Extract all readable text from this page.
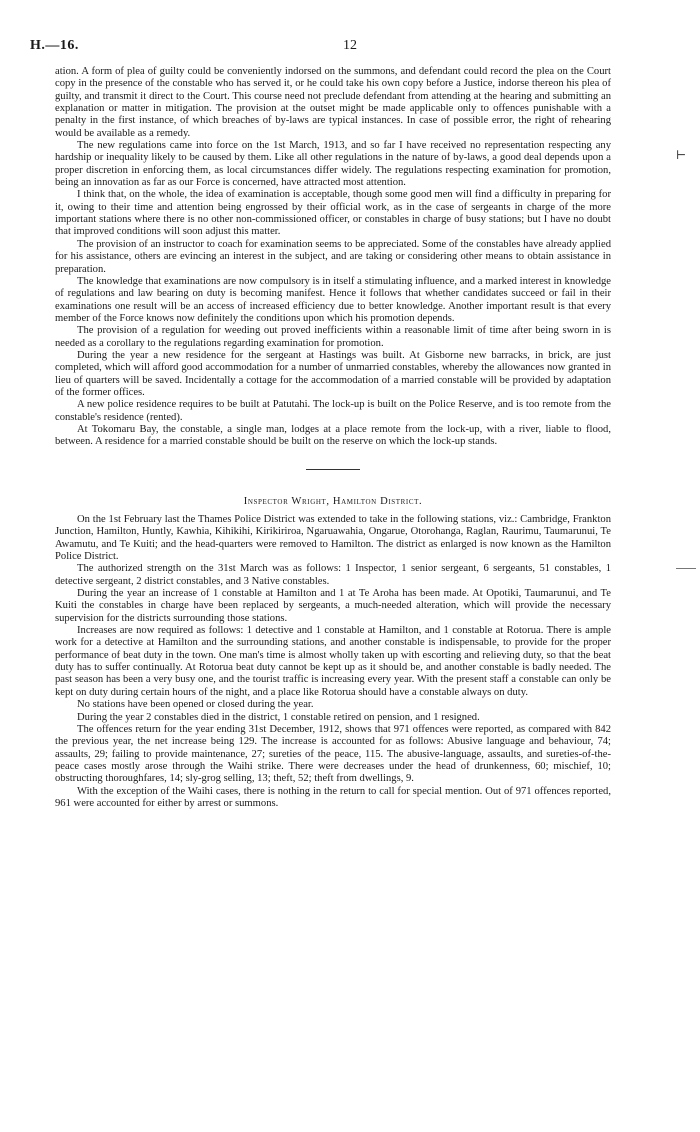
H.—16.	12
⊢

ation. A form of plea of guilty could be conveniently indorsed on the summons, and defendant could record the plea on the Court copy in the presence of the constable who has served it, or he could take his own copy before a Justice, indorse thereon his plea of guilty, and transmit it direct to the Court. This course need not preclude defendant from attending at the hearing and submitting an explanation or matter in mitigation. The provision at the outset might be made applicable only to offences punishable with a penalty in the first instance, of which breaches of by-laws are typical instances. In case of possible error, the right of rehearing would be available as a remedy.

The new regulations came into force on the 1st March, 1913, and so far I have received no representation respecting any hardship or inequality likely to be caused by them. Like all other regulations in the nature of by-laws, a good deal depends upon a proper discretion in enforcing them, as local circumstances differ widely. The regulations respecting examination for promotion, being an innovation as far as our Force is concerned, have attracted most attention.

I think that, on the whole, the idea of examination is acceptable, though some good men will find a difficulty in preparing for it, owing to their time and attention being engrossed by their official work, as in the case of sergeants in charge of the more important stations where there is no other non-commissioned officer, or constables in charge of busy stations; but I have no doubt that improved conditions will soon adjust this matter.

The provision of an instructor to coach for examination seems to be appreciated. Some of the constables have already applied for his assistance, others are evincing an interest in the subject, and are taking or considering other means to obtain assistance in preparation.

The knowledge that examinations are now compulsory is in itself a stimulating influence, and a marked interest in knowledge of regulations and law bearing on duty is becoming manifest. Hence it follows that whether candidates succeed or fail in their examinations one result will be an access of increased efficiency due to better knowledge. Another important result is that every member of the Force knows now definitely the conditions upon which his promotion depends.

The provision of a regulation for weeding out proved inefficients within a reasonable limit of time after being sworn in is needed as a corollary to the regulations regarding examination for promotion.

During the year a new residence for the sergeant at Hastings was built. At Gisborne new barracks, in brick, are just completed, which will afford good accommodation for a number of unmarried constables, whereby the allowances now granted in lieu of quarters will be saved. Incidentally a cottage for the accommodation of a married constable will be provided by adaptation of the former offices.

A new police residence requires to be built at Patutahi. The lock-up is built on the Police Reserve, and is too remote from the constable's residence (rented).

At Tokomaru Bay, the constable, a single man, lodges at a place remote from the lock-up, with a river, liable to flood, between. A residence for a married constable should be built on the reserve on which the lock-up stands.

Inspector Wright, Hamilton District.

On the 1st February last the Thames Police District was extended to take in the following stations, viz.: Cambridge, Frankton Junction, Hamilton, Huntly, Kawhia, Kihikihi, Kirikiriroa, Ngaruawahia, Ongarue, Otorohanga, Raglan, Raurimu, Taumarunui, Te Awamutu, and Te Kuiti; and the head-quarters were removed to Hamilton. The district as enlarged is now known as the Hamilton Police District.

The authorized strength on the 31st March was as follows: 1 Inspector, 1 senior sergeant, 6 sergeants, 51 constables, 1 detective sergeant, 2 district constables, and 3 Native constables.

During the year an increase of 1 constable at Hamilton and 1 at Te Aroha has been made. At Opotiki, Taumarunui, and Te Kuiti the constables in charge have been replaced by sergeants, a much-needed alteration, which will provide the necessary supervision for the districts surrounding those stations.

Increases are now required as follows: 1 detective and 1 constable at Hamilton, and 1 constable at Rotorua. There is ample work for a detective at Hamilton and the surrounding stations, and another constable is indispensable, to provide for the proper performance of beat duty in the town. One man's time is almost wholly taken up with escorting and relieving duty, so that the beat duty has to suffer continually. At Rotorua beat duty cannot be kept up as it should be, and another constable is badly needed. The past season has been a very busy one, and the tourist traffic is increasing every year. With the present staff a constable can only be kept on duty during certain hours of the night, and a place like Rotorua should have a constable always on duty.

No stations have been opened or closed during the year.

During the year 2 constables died in the district, 1 constable retired on pension, and 1 resigned.

The offences return for the year ending 31st December, 1912, shows that 971 offences were reported, as compared with 842 the previous year, the net increase being 129. The increase is accounted for as follows: Abusive language and behaviour, 74; assaults, 29; failing to provide maintenance, 27; sureties of the peace, 115. The abusive-language, assaults, and sureties-of-the-peace cases mostly arose through the Waihi strike. There were decreases under the head of drunkenness, 60; mischief, 10; obstructing thoroughfares, 14; sly-grog selling, 13; theft, 52; theft from dwellings, 9.

With the exception of the Waihi cases, there is nothing in the return to call for special mention. Out of 971 offences reported, 961 were accounted for either by arrest or summons.
